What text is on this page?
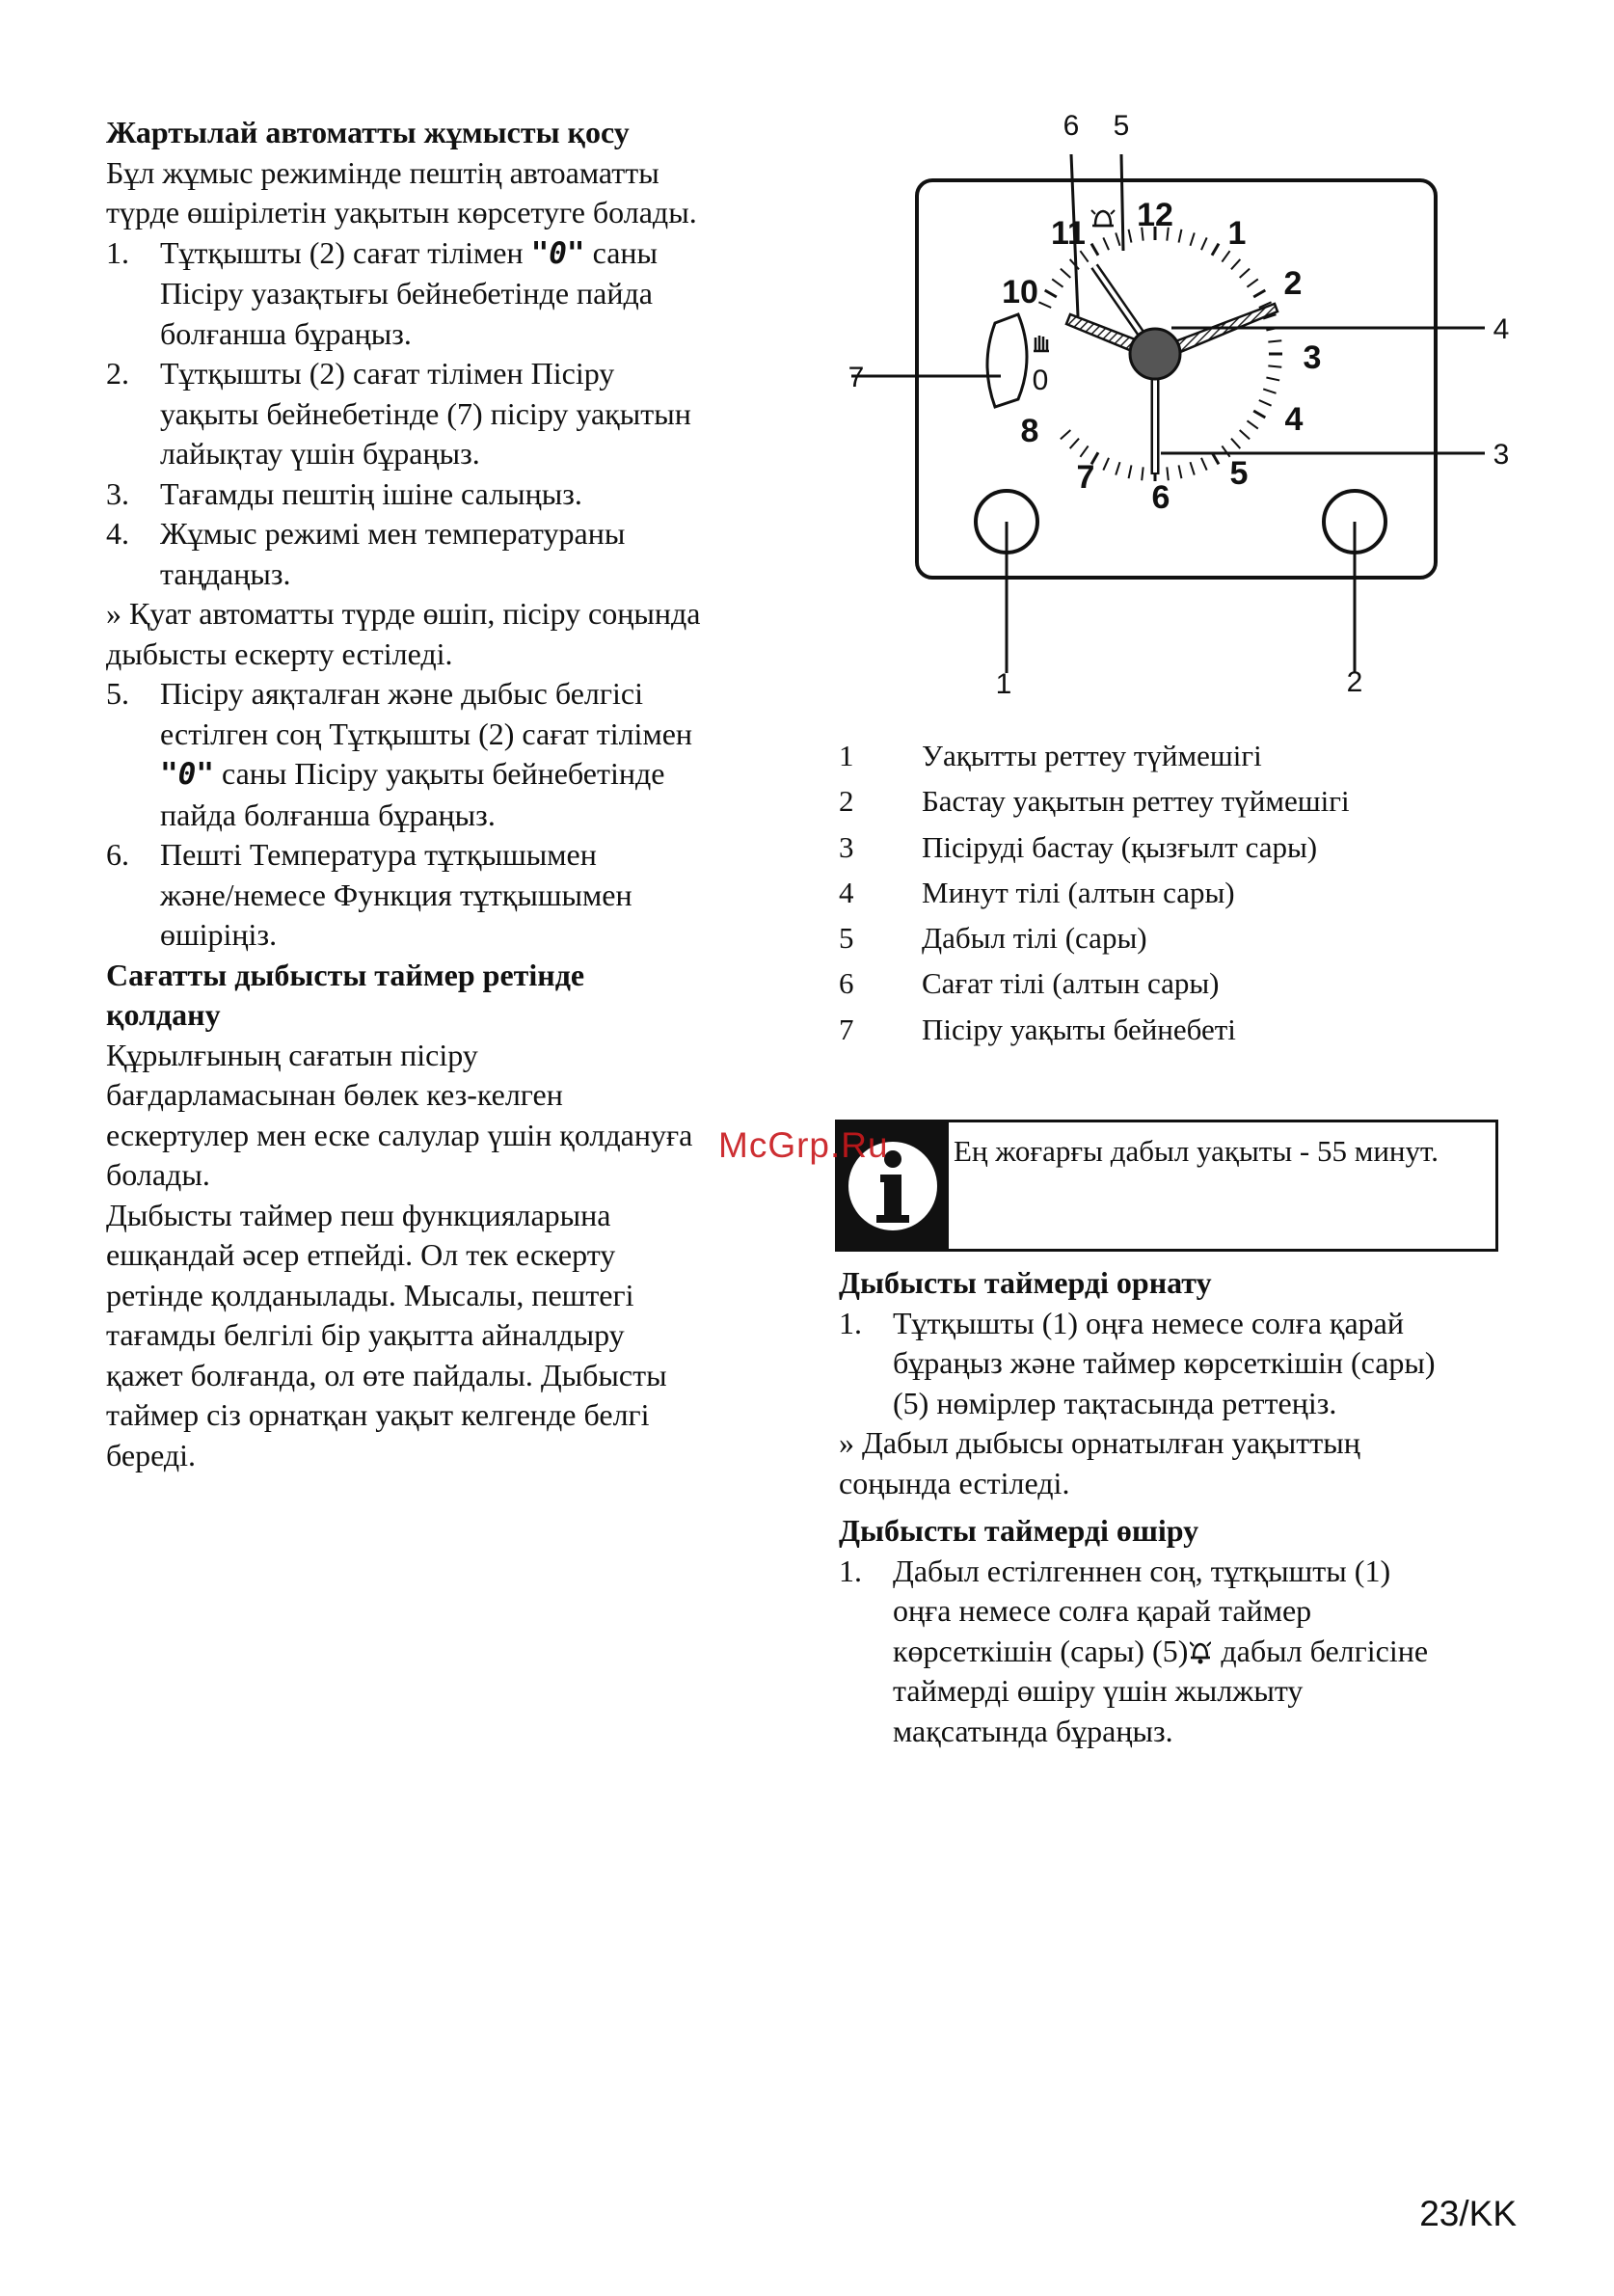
Жартылай автоматты жұмысты қосу

Бұл жұмыс режимінде пештің автоаматты

түрде өшірілетін уақытын көрсетуге болады.

1. Тұтқышты (2) сағат тілімен "0" саны
Пісіру уазақтығы бейнебетінде пайда
болғанша бұраңыз.
2. Тұтқышты (2) сағат тілімен Пісіру
уақыты бейнебетінде (7) пісіру уақытын
лайықтау үшін бұраңыз.
3. Тағамды пештің ішіне салыңыз.
4. Жұмыс режимі мен температураны
таңдаңыз.

» Қуат автоматты түрде өшіп, пісіру соңында

дыбысты ескерту естіледі.

5. Пісіру аяқталған және дыбыс белгісі
естілген соң Тұтқышты (2) сағат тілімен
"0" саны Пісіру уақыты бейнебетінде
пайда болғанша бұраңыз.
6. Пешті Температура тұтқышымен
және/немесе Функция тұтқышымен
өшіріңіз.

Сағатты дыбысты таймер ретінде

қолдану

Құрылғының сағатын пісіру

бағдарламасынан бөлек кез-келген

ескертулер мен еске салулар үшін қолдануға

болады.

Дыбысты таймер пеш функцияларына

ешқандай әсер етпейді. Ол тек ескерту

ретінде қолданылады. Мысалы, пештегі

тағамды белгілі бір уақытта айналдыру

қажет болғанда, ол өте пайдалы. Дыбысты

таймер сіз орнатқан уақыт келгенде белгі

береді.

12 1
2
3
4
5
6
7
8
10
11
0
6 5
4
3
7
1	2
1 Уақытты реттеу түймешігі
2 Бастау уақытын реттеу түймешігі
3 Пісіруді бастау (қызғылт сары)
4 Минут тілі (алтын сары)
5 Дабыл тілі (сары)
6 Сағат тілі (алтын сары)
7 Пісіру уақыты бейнебеті
Ең жоғарғы дабыл уақыты - 55 минут.
McGrp.Ru

Дыбысты таймерді орнату

1. Тұтқышты (1) оңға немесе солға қарай
бұраңыз және таймер көрсеткішін (сары)
(5) нөмірлер тақтасында реттеңіз.

» Дабыл дыбысы орнатылған уақыттың

соңында естіледі.

Дыбысты таймерді өшіру

1. Дабыл естілгеннен соң, тұтқышты (1)
оңға немесе солға қарай таймер
көрсеткішін (сары) (5) дабыл белгісіне
таймерді өшіру үшін жылжыту
мақсатында бұраңыз.
23/KK
